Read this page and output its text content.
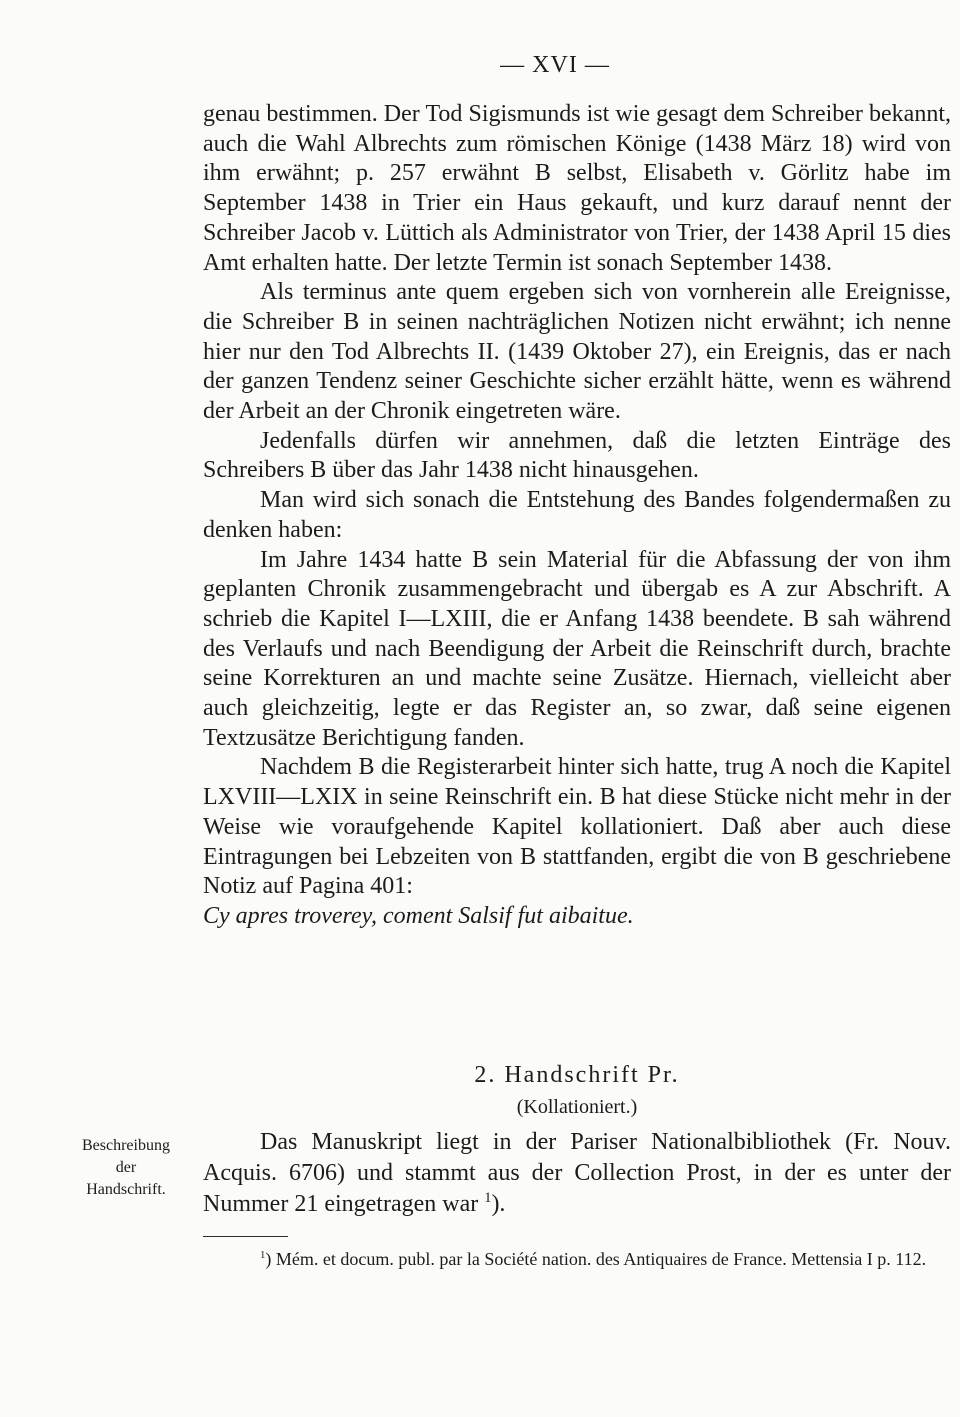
— XVI —

genau bestimmen. Der Tod Sigismunds ist wie gesagt dem Schreiber bekannt, auch die Wahl Albrechts zum römischen Könige (1438 März 18) wird von ihm erwähnt; p. 257 erwähnt B selbst, Elisabeth v. Görlitz habe im September 1438 in Trier ein Haus gekauft, und kurz darauf nennt der Schreiber Jacob v. Lüttich als Administrator von Trier, der 1438 April 15 dies Amt erhalten hatte. Der letzte Termin ist sonach September 1438.

Als terminus ante quem ergeben sich von vornherein alle Ereignisse, die Schreiber B in seinen nachträglichen Notizen nicht erwähnt; ich nenne hier nur den Tod Albrechts II. (1439 Oktober 27), ein Ereignis, das er nach der ganzen Tendenz seiner Geschichte sicher erzählt hätte, wenn es während der Arbeit an der Chronik eingetreten wäre.

Jedenfalls dürfen wir annehmen, daß die letzten Einträge des Schreibers B über das Jahr 1438 nicht hinausgehen.

Man wird sich sonach die Entstehung des Bandes folgendermaßen zu denken haben:

Im Jahre 1434 hatte B sein Material für die Abfassung der von ihm geplanten Chronik zusammengebracht und übergab es A zur Abschrift. A schrieb die Kapitel I—LXIII, die er Anfang 1438 beendete. B sah während des Verlaufs und nach Beendigung der Arbeit die Reinschrift durch, brachte seine Korrekturen an und machte seine Zusätze. Hiernach, vielleicht aber auch gleichzeitig, legte er das Register an, so zwar, daß seine eigenen Textzusätze Berichtigung fanden.

Nachdem B die Registerarbeit hinter sich hatte, trug A noch die Kapitel LXVIII—LXIX in seine Reinschrift ein. B hat diese Stücke nicht mehr in der Weise wie voraufgehende Kapitel kollationiert. Daß aber auch diese Eintragungen bei Lebzeiten von B stattfanden, ergibt die von B geschriebene Notiz auf Pagina 401:

Cy apres troverey, coment Salsif fut aibaitue.

2. Handschrift Pr.
(Kollationiert.)
Beschreibung
der
Handschrift.
Das Manuskript liegt in der Pariser Nationalbibliothek (Fr. Nouv. Acquis. 6706) und stammt aus der Collection Prost, in der es unter der Nummer 21 eingetragen war $^1$).
$^1$) Mém. et docum. publ. par la Société nation. des Antiquaires de France. Mettensia I p. 112.
